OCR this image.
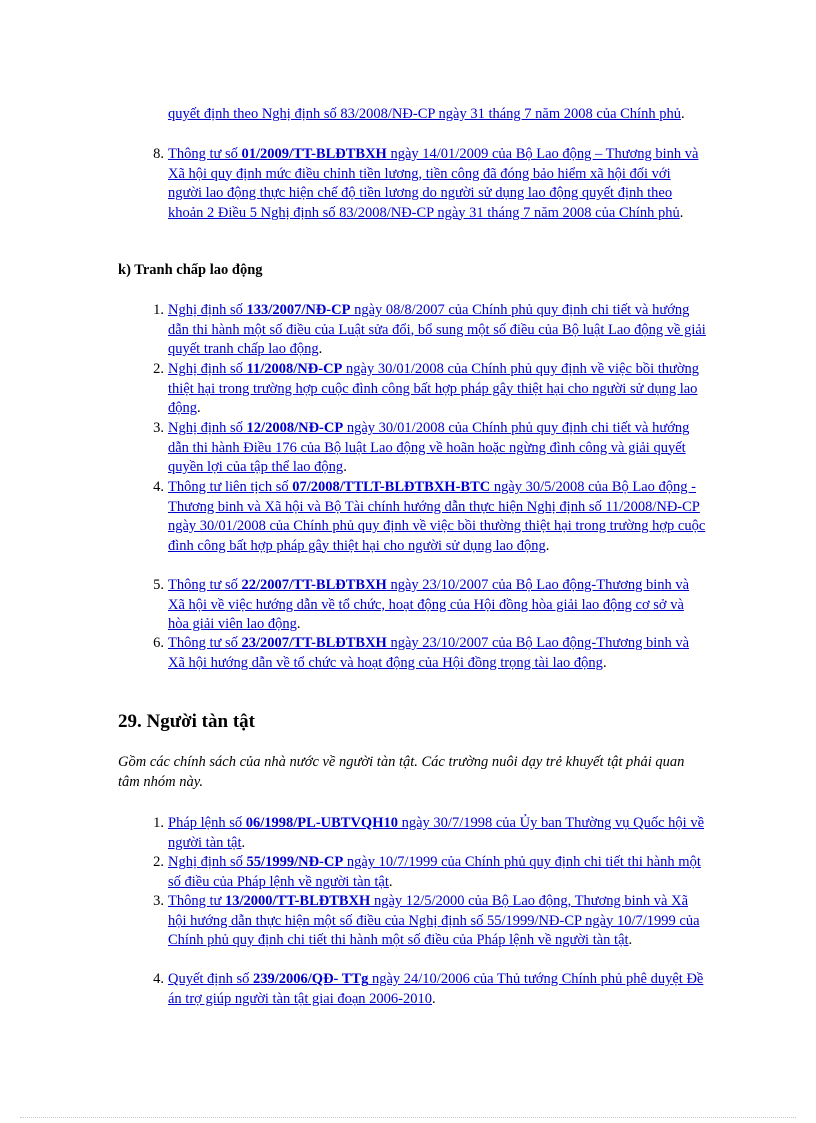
quyết định theo Nghị định số 83/2008/NĐ-CP ngày 31 tháng 7 năm 2008 của Chính phủ.
8. Thông tư số 01/2009/TT-BLĐTBXH ngày 14/01/2009 của Bộ Lao động – Thương binh và Xã hội quy định mức điều chỉnh tiền lương, tiền công đã đóng bảo hiểm xã hội đối với người lao động thực hiện chế độ tiền lương do người sử dụng lao động quyết định theo khoản 2 Điều 5 Nghị định số 83/2008/NĐ-CP ngày 31 tháng 7 năm 2008 của Chính phủ.
k) Tranh chấp lao động
1. Nghị định số 133/2007/NĐ-CP ngày 08/8/2007 của Chính phủ quy định chi tiết và hướng dẫn thi hành một số điều của Luật sửa đổi, bổ sung một số điều của Bộ luật Lao động về giải quyết tranh chấp lao động.
2. Nghị định số 11/2008/NĐ-CP ngày 30/01/2008 của Chính phủ quy định về việc bồi thường thiệt hại trong trường hợp cuộc đình công bất hợp pháp gây thiệt hại cho người sử dụng lao động.
3. Nghị định số 12/2008/NĐ-CP ngày 30/01/2008 của Chính phủ quy định chi tiết và hướng dẫn thi hành Điều 176 của Bộ luật Lao động về hoãn hoặc ngừng đình công và giải quyết quyền lợi của tập thể lao động.
4. Thông tư liên tịch số 07/2008/TTLT-BLĐTBXH-BTC ngày 30/5/2008 của Bộ Lao động - Thương binh và Xã hội và Bộ Tài chính hướng dẫn thực hiện Nghị định số 11/2008/NĐ-CP ngày 30/01/2008 của Chính phủ quy định về việc bồi thường thiệt hại trong trường hợp cuộc đình công bất hợp pháp gây thiệt hại cho người sử dụng lao động.
5. Thông tư số 22/2007/TT-BLĐTBXH ngày 23/10/2007 của Bộ Lao động-Thương binh và Xã hội về việc hướng dẫn về tổ chức, hoạt động của Hội đồng hòa giải lao động cơ sở và hòa giải viên lao động.
6. Thông tư số 23/2007/TT-BLĐTBXH ngày 23/10/2007 của Bộ Lao động-Thương binh và Xã hội hướng dẫn về tổ chức và hoạt động của Hội đồng trọng tài lao động.
29. Người tàn tật
Gồm các chính sách của nhà nước về người tàn tật. Các trường nuôi dạy trẻ khuyết tật phải quan tâm nhóm này.
1. Pháp lệnh số 06/1998/PL-UBTVQH10 ngày 30/7/1998 của Ủy ban Thường vụ Quốc hội về người tàn tật.
2. Nghị định số 55/1999/NĐ-CP ngày 10/7/1999 của Chính phủ quy định chi tiết thi hành một số điều của Pháp lệnh về người tàn tật.
3. Thông tư 13/2000/TT-BLĐTBXH ngày 12/5/2000 của Bộ Lao động, Thương binh và Xã hội hướng dẫn thực hiện một số điều của Nghị định số 55/1999/NĐ-CP ngày 10/7/1999 của Chính phủ quy định chi tiết thi hành một số điều của Pháp lệnh về người tàn tật.
4. Quyết định số 239/2006/QĐ- TTg ngày 24/10/2006 của Thủ tướng Chính phủ phê duyệt Đề án trợ giúp người tàn tật giai đoạn 2006-2010.
